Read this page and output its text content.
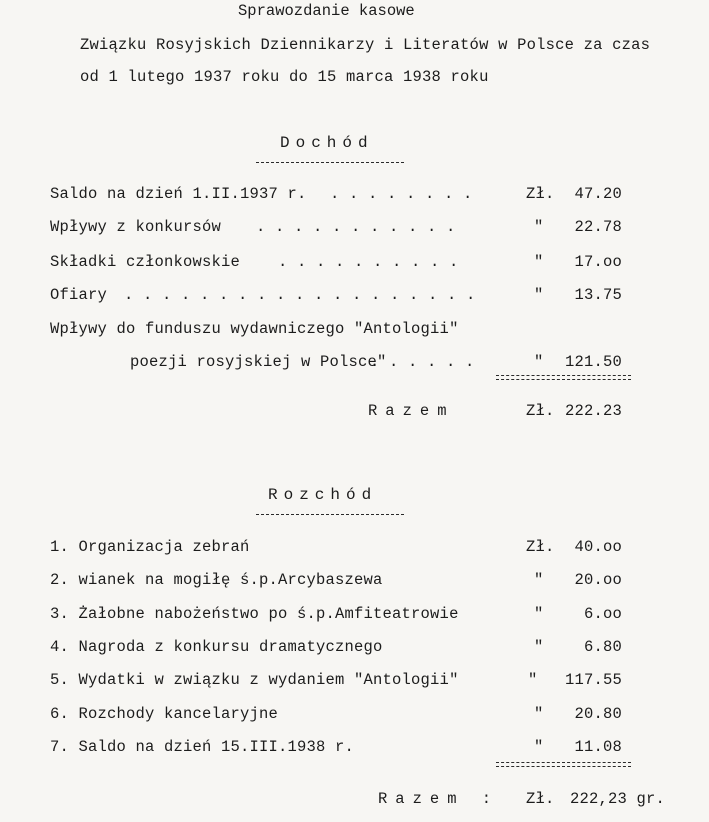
Sprawozdanie kasowe
Związku Rosyjskich Dziennikarzy i Literatów w Polsce za czas
od 1 lutego 1937 roku do 15 marca 1938 roku
Dochód
Saldo na dzień 1.II.1937 r. . . . . . . . .	Zł.	47.20
Wpływy z konkursów . . . . . . . . . . .	"	22.78
Składki członkowskie . . . . . . . . . .	"	17.oo
Ofiary . . . . . . . . . . . . . . . . . . .	"	13.75
Wpływy do funduszu wydawniczego "Antologii"
poezji rosyjskiej w Polsce"
. . . . . .	"	121.50
Razem	Zł. 222.23
Rozchód
1. Organizacja zebrań	Zł.	40.oo
2. wianek na mogiłę ś.p.Arcybaszewa	"	20.oo
3. Żałobne nabożeństwo po ś.p.Amfiteatrowie	"	6.oo
4. Nagroda z konkursu dramatycznego	"	6.80
5. Wydatki w związku z wydaniem "Antologii"	"	117.55
6. Rozchody kancelaryjne	"	20.80
7. Saldo na dzień 15.III.1938 r.	"	11.08
Razem : Zł. 222,23 gr.
